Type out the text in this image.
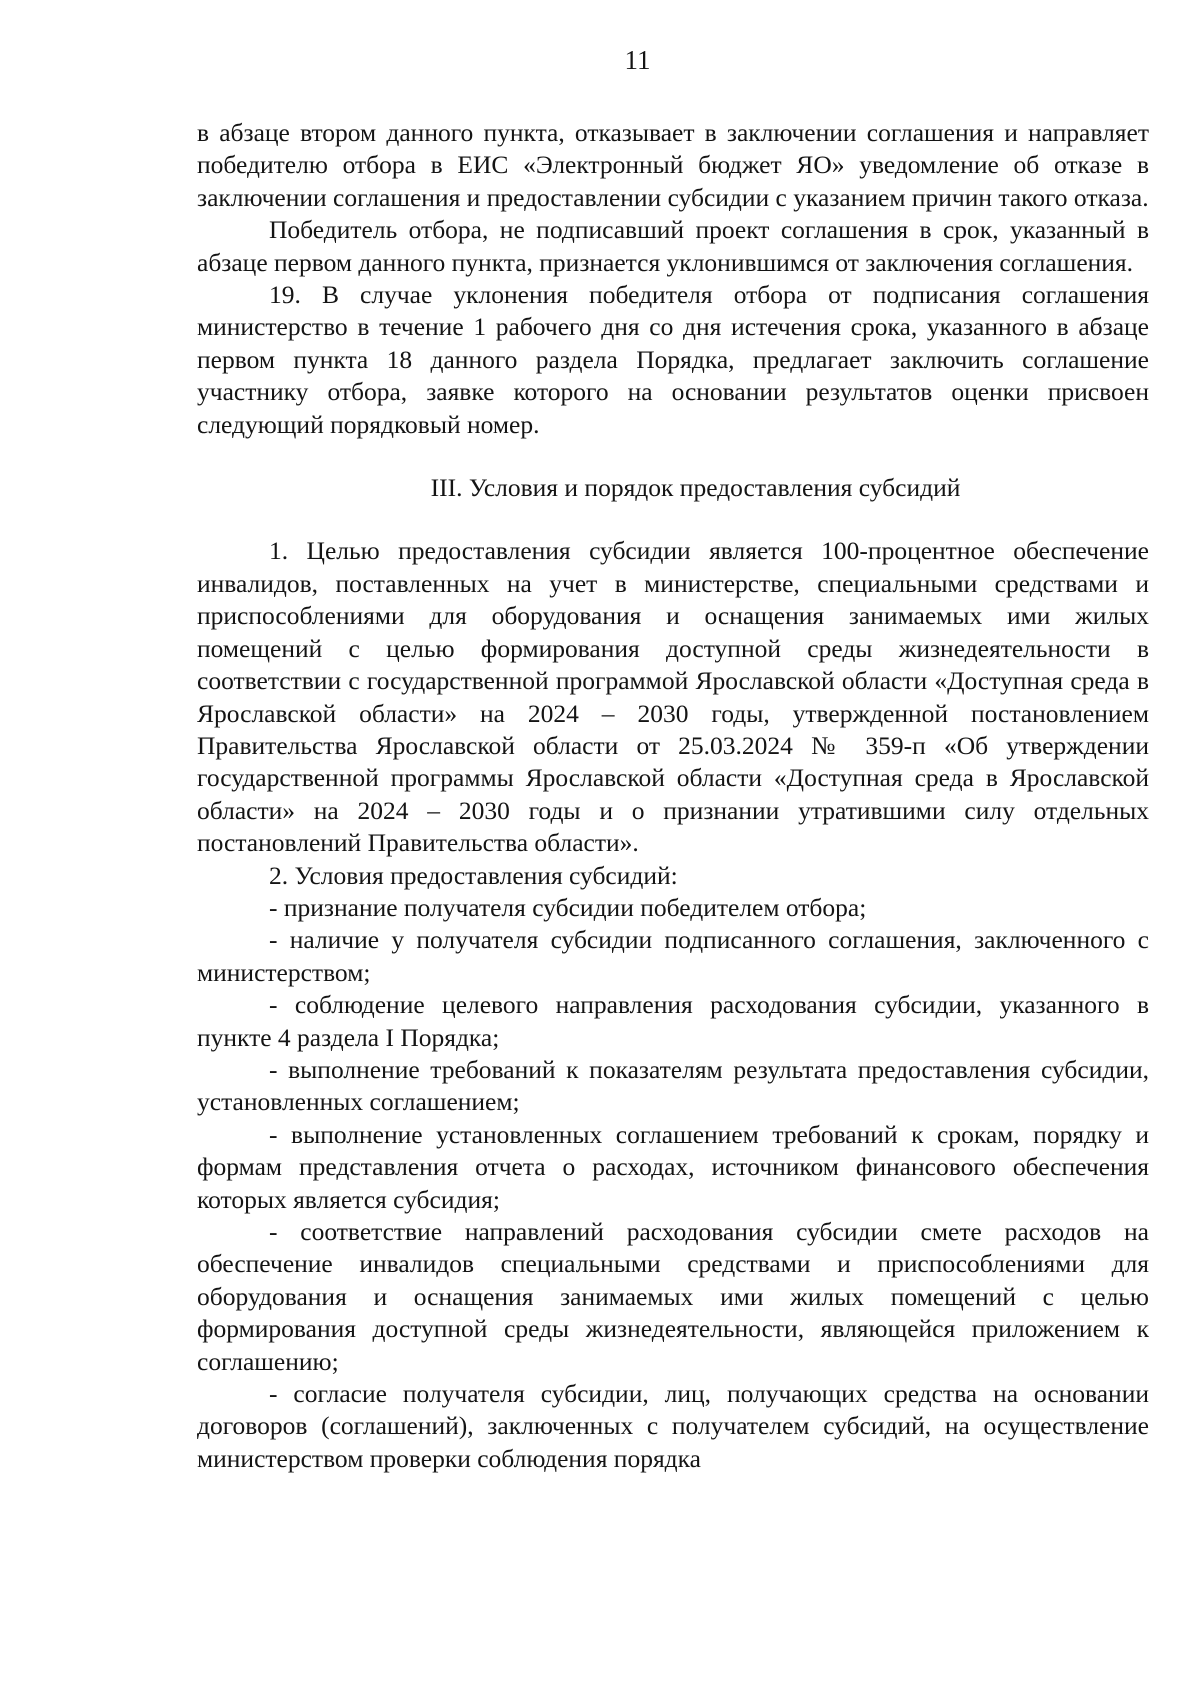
11

в абзаце втором данного пункта, отказывает в заключении соглашения и направляет победителю отбора в ЕИС «Электронный бюджет ЯО» уведомление об отказе в заключении соглашения и предоставлении субсидии с указанием причин такого отказа.

Победитель отбора, не подписавший проект соглашения в срок, указанный в абзаце первом данного пункта, признается уклонившимся от заключения соглашения.

19. В случае уклонения победителя отбора от подписания соглашения министерство в течение 1 рабочего дня со дня истечения срока, указанного в абзаце первом пункта 18 данного раздела Порядка, предлагает заключить соглашение участнику отбора, заявке которого на основании результатов оценки присвоен следующий порядковый номер.

III. Условия и порядок предоставления субсидий

1. Целью предоставления субсидии является 100-процентное обеспечение инвалидов, поставленных на учет в министерстве, специальными средствами и приспособлениями для оборудования и оснащения занимаемых ими жилых помещений с целью формирования доступной среды жизнедеятельности в соответствии с государственной программой Ярославской области «Доступная среда в Ярославской области» на 2024 – 2030 годы, утвержденной постановлением Правительства Ярославской области от 25.03.2024 № 359-п «Об утверждении государственной программы Ярославской области «Доступная среда в Ярославской области» на 2024 – 2030 годы и о признании утратившими силу отдельных постановлений Правительства области».

2. Условия предоставления субсидий:

- признание получателя субсидии победителем отбора;

- наличие у получателя субсидии подписанного соглашения, заключенного с министерством;

- соблюдение целевого направления расходования субсидии, указанного в пункте 4 раздела I Порядка;

- выполнение требований к показателям результата предоставления субсидии, установленных соглашением;

- выполнение установленных соглашением требований к срокам, порядку и формам представления отчета о расходах, источником финансового обеспечения которых является субсидия;

- соответствие направлений расходования субсидии смете расходов на обеспечение инвалидов специальными средствами и приспособлениями для оборудования и оснащения занимаемых ими жилых помещений с целью формирования доступной среды жизнедеятельности, являющейся приложением к соглашению;

- согласие получателя субсидии, лиц, получающих средства на основании договоров (соглашений), заключенных с получателем субсидий, на осуществление министерством проверки соблюдения порядка
